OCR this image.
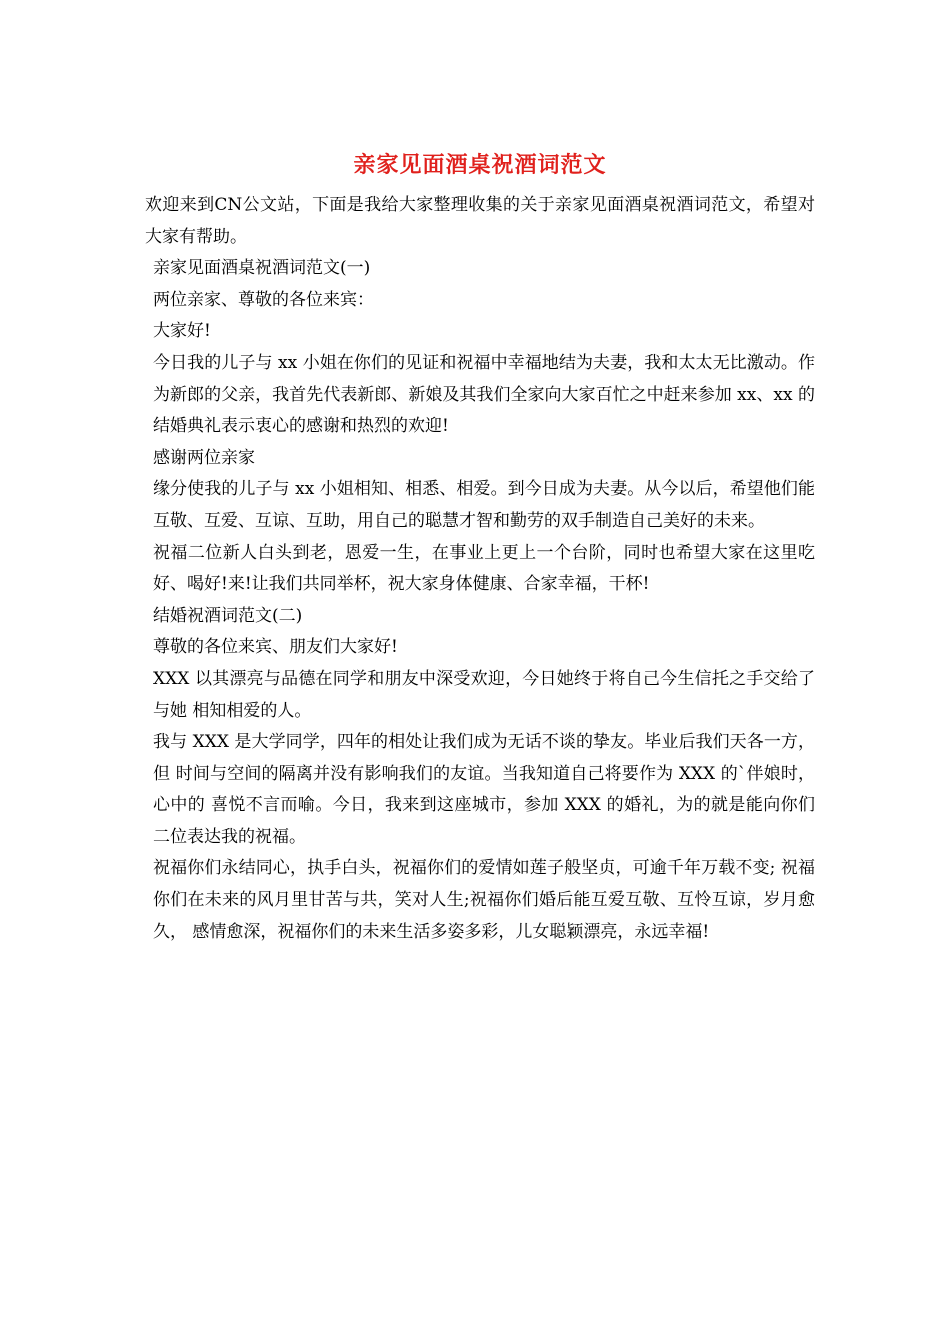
亲家见面酒桌祝酒词范文

欢迎来到CN公文站，下面是我给大家整理收集的关于亲家见面酒桌祝酒词范文，希望对大家有帮助。

亲家见面酒桌祝酒词范文(一)

两位亲家、尊敬的各位来宾：

大家好!

今日我的儿子与 xx 小姐在你们的见证和祝福中幸福地结为夫妻，我和太太无比激动。作为新郎的父亲，我首先代表新郎、新娘及其我们全家向大家百忙之中赶来参加 xx、xx 的结婚典礼表示衷心的感谢和热烈的欢迎!

感谢两位亲家

缘分使我的儿子与 xx 小姐相知、相悉、相爱。到今日成为夫妻。从今以后，希望他们能互敬、互爱、互谅、互助，用自己的聪慧才智和勤劳的双手制造自己美好的未来。

祝福二位新人白头到老，恩爱一生，在事业上更上一个台阶，同时也希望大家在这里吃好、喝好!来!让我们共同举杯，祝大家身体健康、合家幸福，干杯!

结婚祝酒词范文(二)

尊敬的各位来宾、朋友们大家好!

XXX 以其漂亮与品德在同学和朋友中深受欢迎，今日她终于将自己今生信托之手交给了与她 相知相爱的人。

我与 XXX 是大学同学，四年的相处让我们成为无话不谈的挚友。毕业后我们天各一方，但 时间与空间的隔离并没有影响我们的友谊。当我知道自己将要作为 XXX 的`伴娘时，心中的 喜悦不言而喻。今日，我来到这座城市，参加 XXX 的婚礼，为的就是能向你们二位表达我的祝福。

祝福你们永结同心，执手白头，祝福你们的爱情如莲子般坚贞，可逾千年万载不变; 祝福 你们在未来的风月里甘苦与共，笑对人生;祝福你们婚后能互爱互敬、互怜互谅，岁月愈久， 感情愈深，祝福你们的未来生活多姿多彩，儿女聪颖漂亮，永远幸福!
